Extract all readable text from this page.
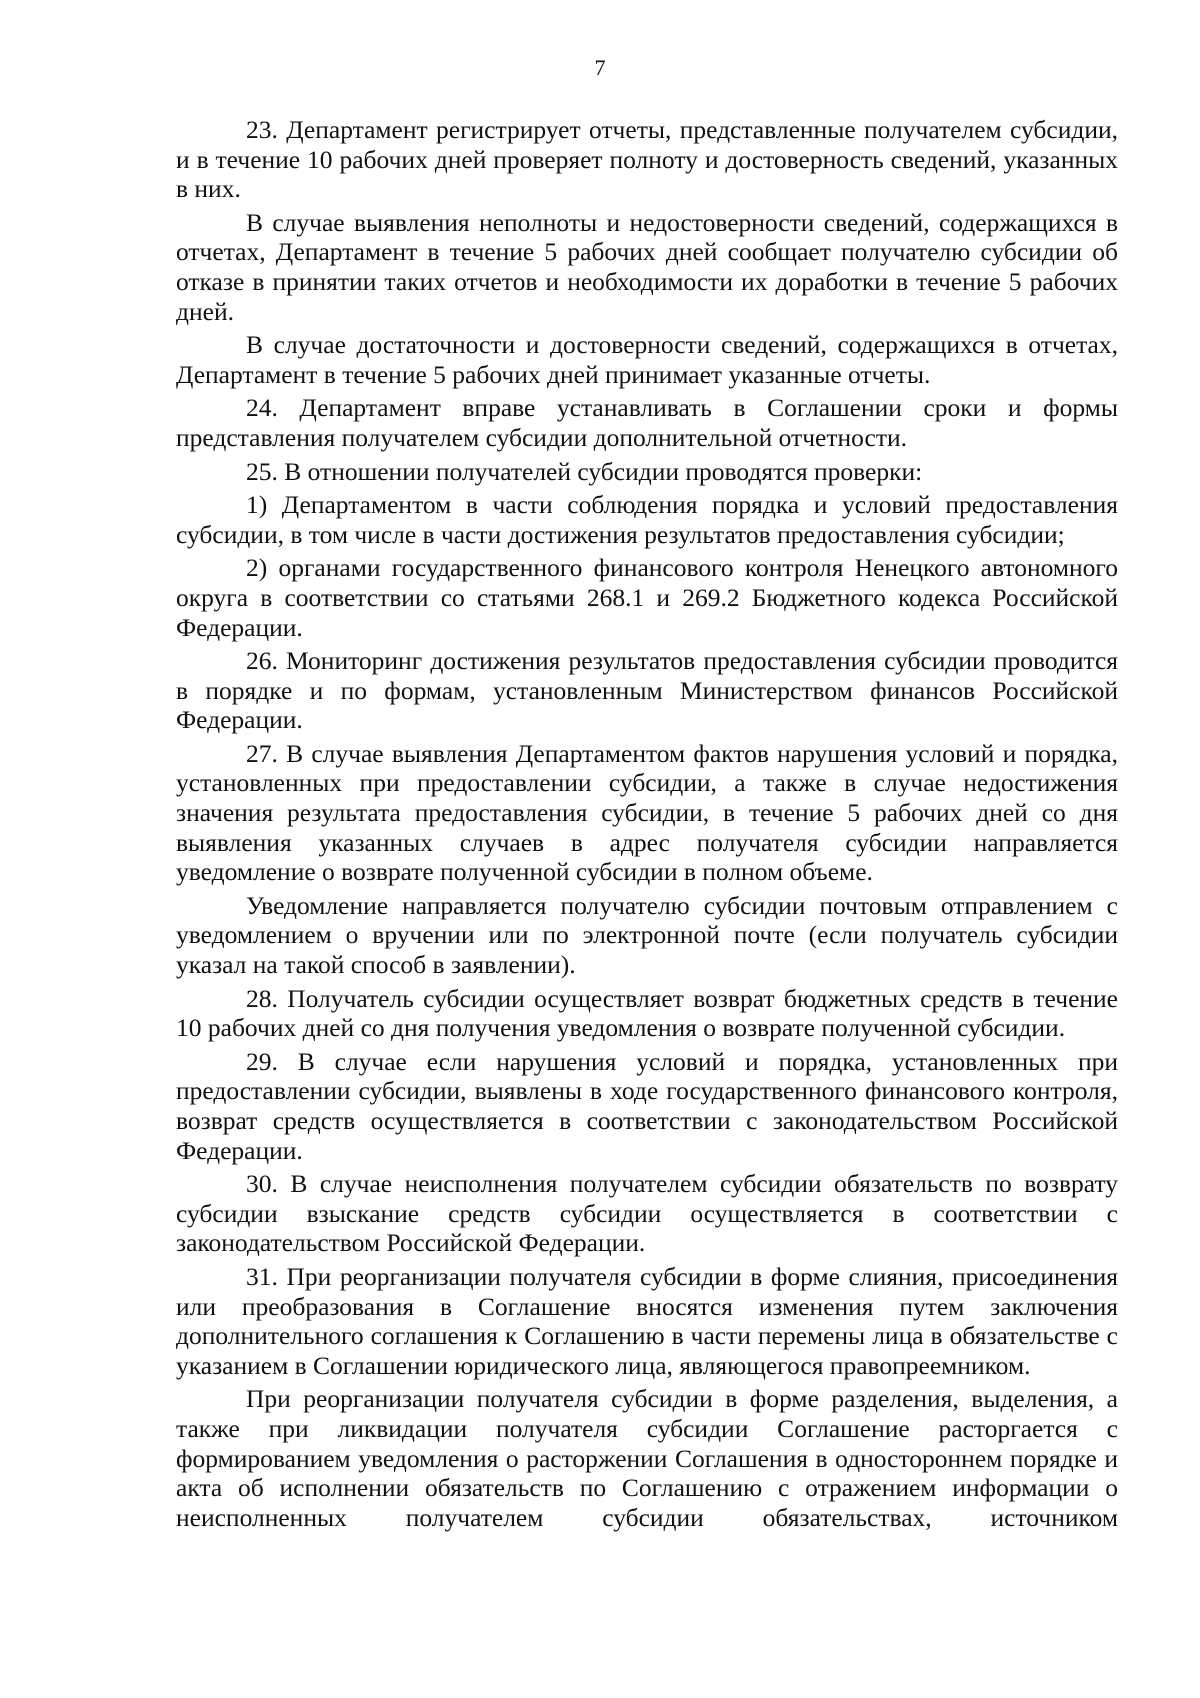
7

23. Департамент регистрирует отчеты, представленные получателем субсидии, и в течение 10 рабочих дней проверяет полноту и достоверность сведений, указанных в них.

В случае выявления неполноты и недостоверности сведений, содержащихся в отчетах, Департамент в течение 5 рабочих дней сообщает получателю субсидии об отказе в принятии таких отчетов и необходимости их доработки в течение 5 рабочих дней.

В случае достаточности и достоверности сведений, содержащихся в отчетах, Департамент в течение 5 рабочих дней принимает указанные отчеты.

24. Департамент вправе устанавливать в Соглашении сроки и формы представления получателем субсидии дополнительной отчетности.

25. В отношении получателей субсидии проводятся проверки:

1) Департаментом в части соблюдения порядка и условий предоставления субсидии, в том числе в части достижения результатов предоставления субсидии;

2) органами государственного финансового контроля Ненецкого автономного округа в соответствии со статьями 268.1 и 269.2 Бюджетного кодекса Российской Федерации.

26. Мониторинг достижения результатов предоставления субсидии проводится в порядке и по формам, установленным Министерством финансов Российской Федерации.

27. В случае выявления Департаментом фактов нарушения условий и порядка, установленных при предоставлении субсидии, а также в случае недостижения значения результата предоставления субсидии, в течение 5 рабочих дней со дня выявления указанных случаев в адрес получателя субсидии направляется уведомление о возврате полученной субсидии в полном объеме.

Уведомление направляется получателю субсидии почтовым отправлением с уведомлением о вручении или по электронной почте (если получатель субсидии указал на такой способ в заявлении).

28. Получатель субсидии осуществляет возврат бюджетных средств в течение 10 рабочих дней со дня получения уведомления о возврате полученной субсидии.

29. В случае если нарушения условий и порядка, установленных при предоставлении субсидии, выявлены в ходе государственного финансового контроля, возврат средств осуществляется в соответствии с законодательством Российской Федерации.

30. В случае неисполнения получателем субсидии обязательств по возврату субсидии взыскание средств субсидии осуществляется в соответствии с законодательством Российской Федерации.

31. При реорганизации получателя субсидии в форме слияния, присоединения или преобразования в Соглашение вносятся изменения путем заключения дополнительного соглашения к Соглашению в части перемены лица в обязательстве с указанием в Соглашении юридического лица, являющегося правопреемником.

При реорганизации получателя субсидии в форме разделения, выделения, а также при ликвидации получателя субсидии Соглашение расторгается с формированием уведомления о расторжении Соглашения в одностороннем порядке и акта об исполнении обязательств по Соглашению с отражением информации о неисполненных получателем субсидии обязательствах, источником
